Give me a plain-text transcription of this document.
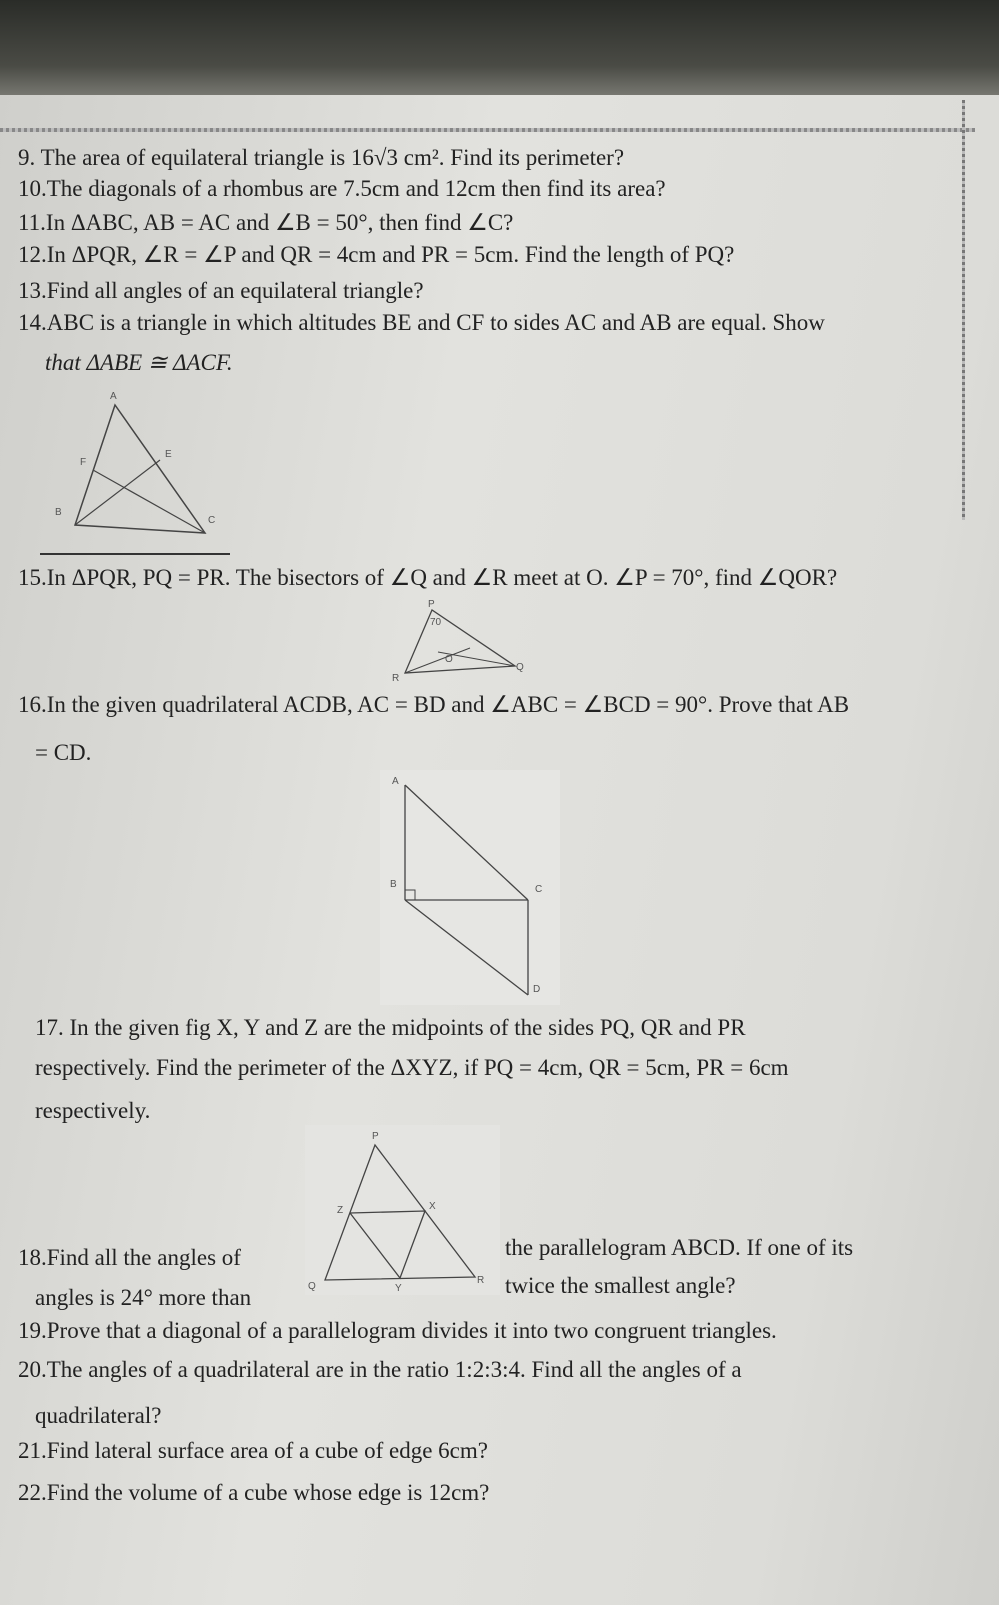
9. The area of equilateral triangle is 16√3 cm². Find its perimeter?
10.The diagonals of a rhombus are 7.5cm and 12cm then find its area?
11.In ΔABC, AB = AC and ∠B = 50°, then find ∠C?
12.In ΔPQR, ∠R = ∠P and QR = 4cm and PR = 5cm. Find the length of PQ?
13.Find all angles of an equilateral triangle?
14.ABC is a triangle in which altitudes BE and CF to sides AC and AB are equal. Show
that ΔABE ≅ ΔACF.
A
F
E
B
C
15.In ΔPQR, PQ = PR. The bisectors of ∠Q and ∠R meet at O. ∠P = 70°, find ∠QOR?
P
70
O
R
Q
16.In the given quadrilateral ACDB, AC = BD and ∠ABC = ∠BCD = 90°. Prove that AB
= CD.
A
B	C
D
17. In the given fig X, Y and Z are the midpoints of the sides PQ, QR and PR
respectively. Find the perimeter of the ΔXYZ, if PQ = 4cm, QR = 5cm, PR = 6cm
respectively.
P
Z	X
Q	Y
R
18.Find all the angles of
angles is 24° more than
the parallelogram ABCD. If one of its
twice the smallest angle?
19.Prove that a diagonal of a parallelogram divides it into two congruent triangles.
20.The angles of a quadrilateral are in the ratio 1:2:3:4. Find all the angles of a
quadrilateral?
21.Find lateral surface area of a cube of edge 6cm?
22.Find the volume of a cube whose edge is 12cm?
